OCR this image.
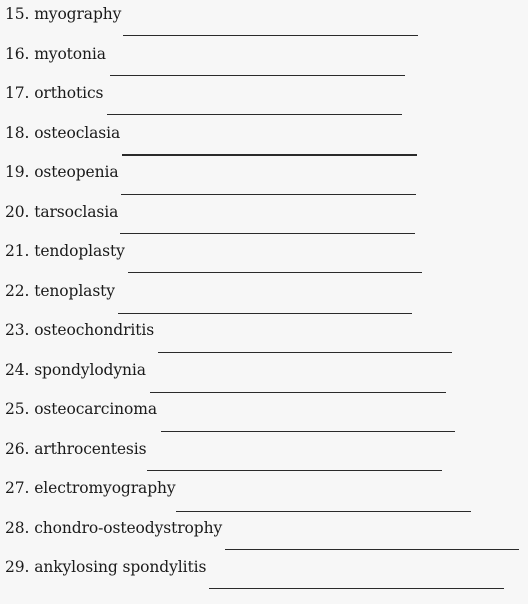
15. myography
16. myotonia
17. orthotics
18. osteoclasia
19. osteopenia
20. tarsoclasia
21. tendoplasty
22. tenoplasty
23. osteochondritis
24. spondylodynia
25. osteocarcinoma
26. arthrocentesis
27. electromyography
28. chondro-osteodystrophy
29. ankylosing spondylitis
